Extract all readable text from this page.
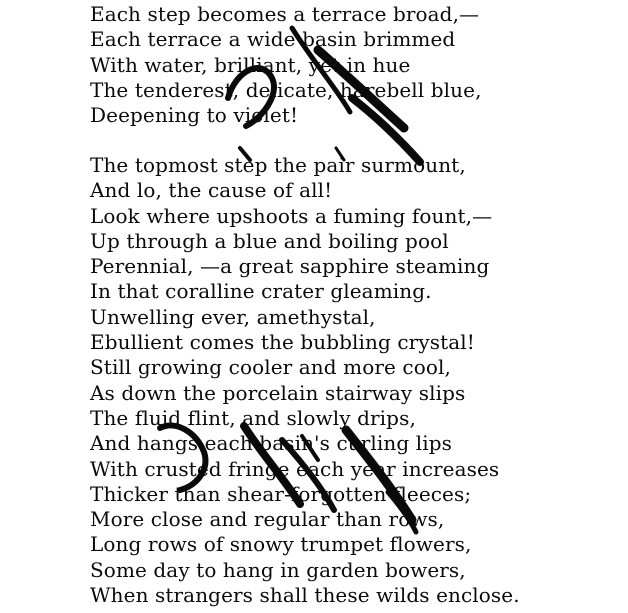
Each step becomes a terrace broad,—
Each terrace a wide basin brimmed
With water, brilliant, yet in hue
The tenderest, delicate, harebell blue,
Deepening to violet!
The topmost step the pair surmount,
And lo, the cause of all!
Look where upshoots a fuming fount,—
Up through a blue and boiling pool
Perennial, —a great sapphire steaming
In that coralline crater gleaming.
Unwelling ever, amethystal,
Ebullient comes the bubbling crystal!
Still growing cooler and more cool,
As down the porcelain stairway slips
The fluid flint, and slowly drips,
And hangs each basin's curling lips
With crusted fringe each year increases
Thicker than shear-forgotten fleeces;
More close and regular than rows,
Long rows of snowy trumpet flowers,
Some day to hang in garden bowers,
When strangers shall these wilds enclose.
